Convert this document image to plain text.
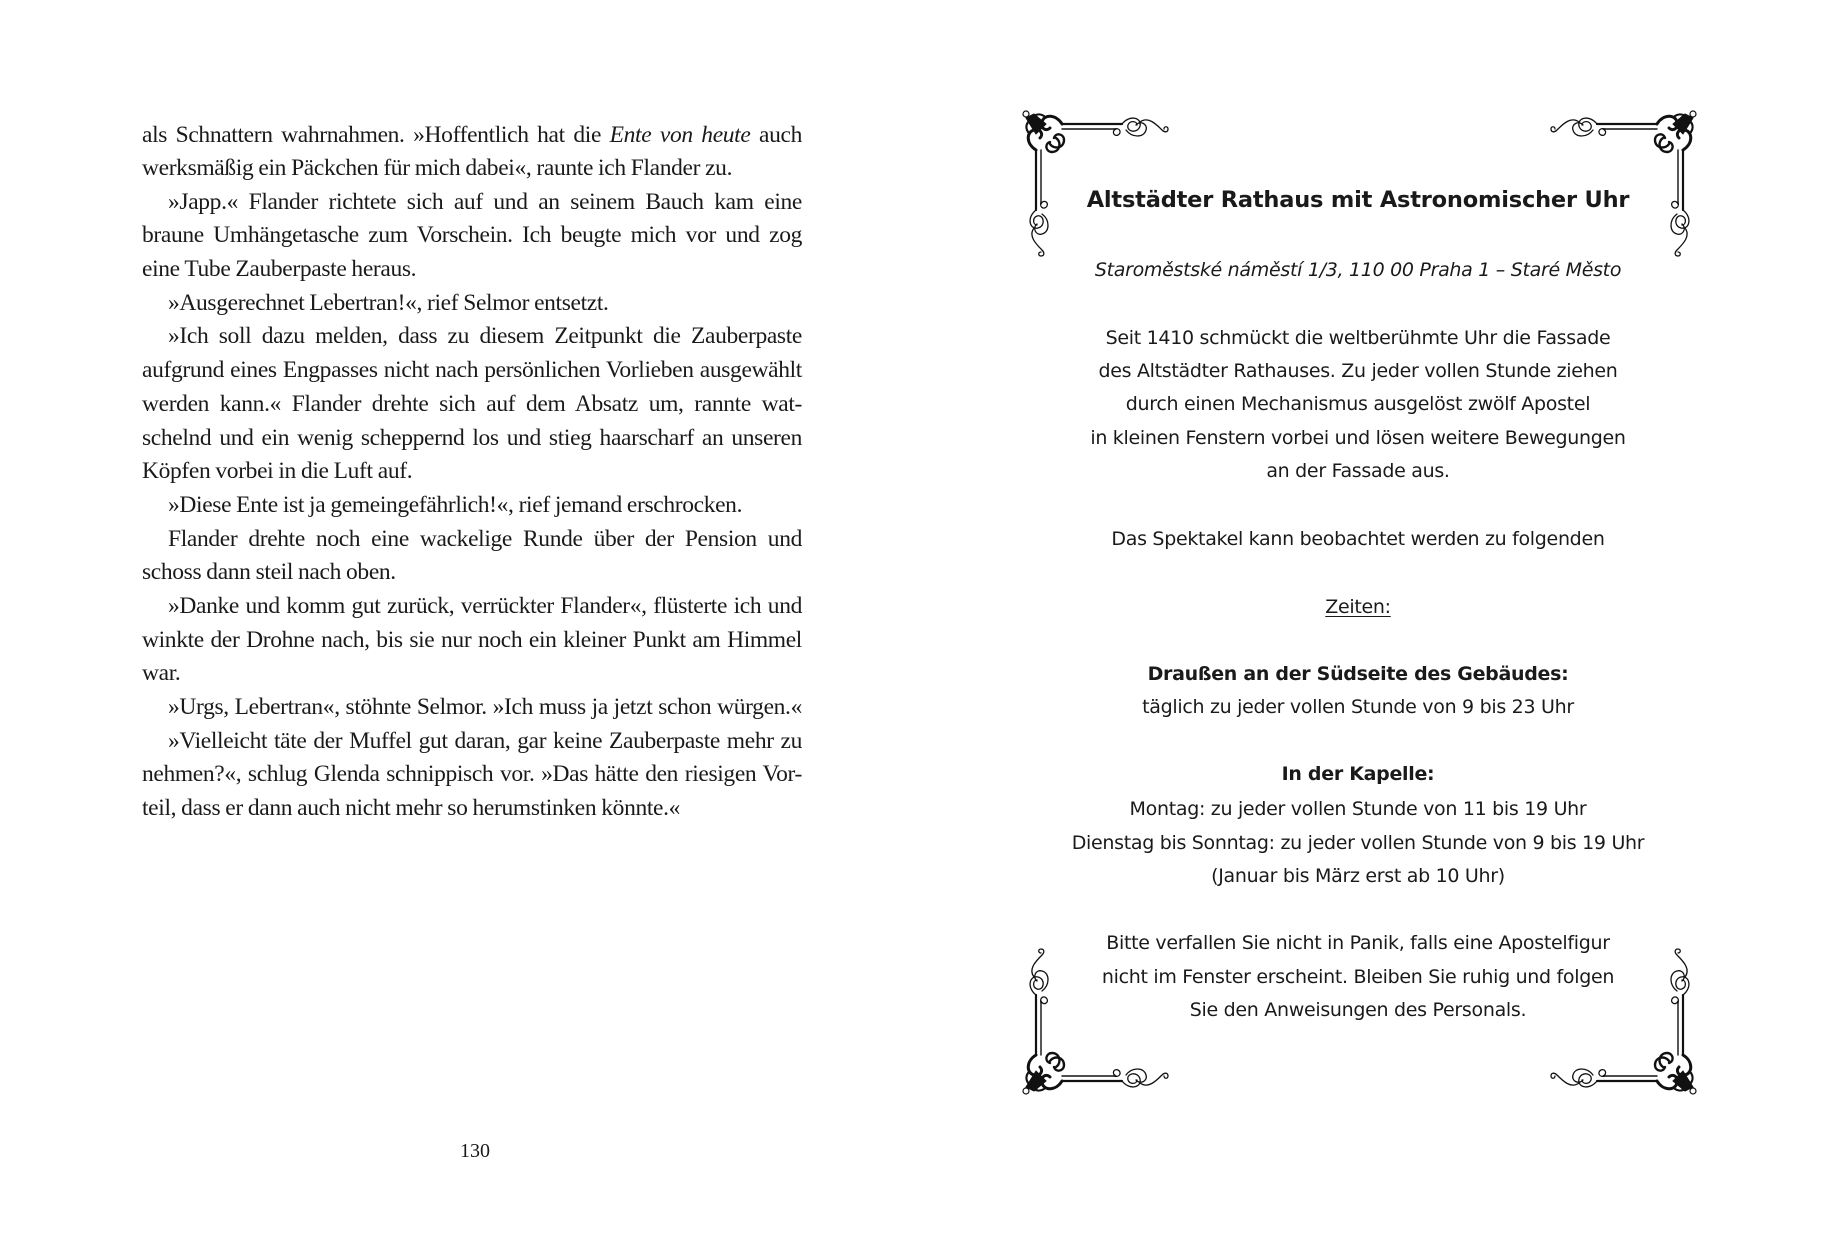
als Schnattern wahrnahmen. »Hoffentlich hat die Ente von heute auch
werksmäßig ein Päckchen für mich dabei«, raunte ich Flander zu.
»Japp.« Flander richtete sich auf und an seinem Bauch kam eine
braune Umhängetasche zum Vorschein. Ich beugte mich vor und zog
eine Tube Zauberpaste heraus.
»Ausgerechnet Lebertran!«, rief Selmor entsetzt.
»Ich soll dazu melden, dass zu diesem Zeitpunkt die Zauberpaste
aufgrund eines Engpasses nicht nach persönlichen Vorlieben ausgewählt
werden kann.« Flander drehte sich auf dem Absatz um, rannte wat-
schelnd und ein wenig scheppernd los und stieg haarscharf an unseren
Köpfen vorbei in die Luft auf.
»Diese Ente ist ja gemeingefährlich!«, rief jemand erschrocken.
Flander drehte noch eine wackelige Runde über der Pension und
schoss dann steil nach oben.
»Danke und komm gut zurück, verrückter Flander«, flüsterte ich und
winkte der Drohne nach, bis sie nur noch ein kleiner Punkt am Himmel
war.
»Urgs, Lebertran«, stöhnte Selmor. »Ich muss ja jetzt schon würgen.«
»Vielleicht täte der Muffel gut daran, gar keine Zauberpaste mehr zu
nehmen?«, schlug Glenda schnippisch vor. »Das hätte den riesigen Vor-
teil, dass er dann auch nicht mehr so herumstinken könnte.«
130
Altstädter Rathaus mit Astronomischer Uhr
Staroměstské náměstí 1/3, 110 00 Praha 1 – Staré Město
Seit 1410 schmückt die weltberühmte Uhr die Fassade
des Altstädter Rathauses. Zu jeder vollen Stunde ziehen
durch einen Mechanismus ausgelöst zwölf Apostel
in kleinen Fenstern vorbei und lösen weitere Bewegungen
an der Fassade aus.
Das Spektakel kann beobachtet werden zu folgenden
Zeiten:
Draußen an der Südseite des Gebäudes:
täglich zu jeder vollen Stunde von 9 bis 23 Uhr
In der Kapelle:
Montag: zu jeder vollen Stunde von 11 bis 19 Uhr
Dienstag bis Sonntag: zu jeder vollen Stunde von 9 bis 19 Uhr
(Januar bis März erst ab 10 Uhr)
Bitte verfallen Sie nicht in Panik, falls eine Apostelfigur
nicht im Fenster erscheint. Bleiben Sie ruhig und folgen
Sie den Anweisungen des Personals.
